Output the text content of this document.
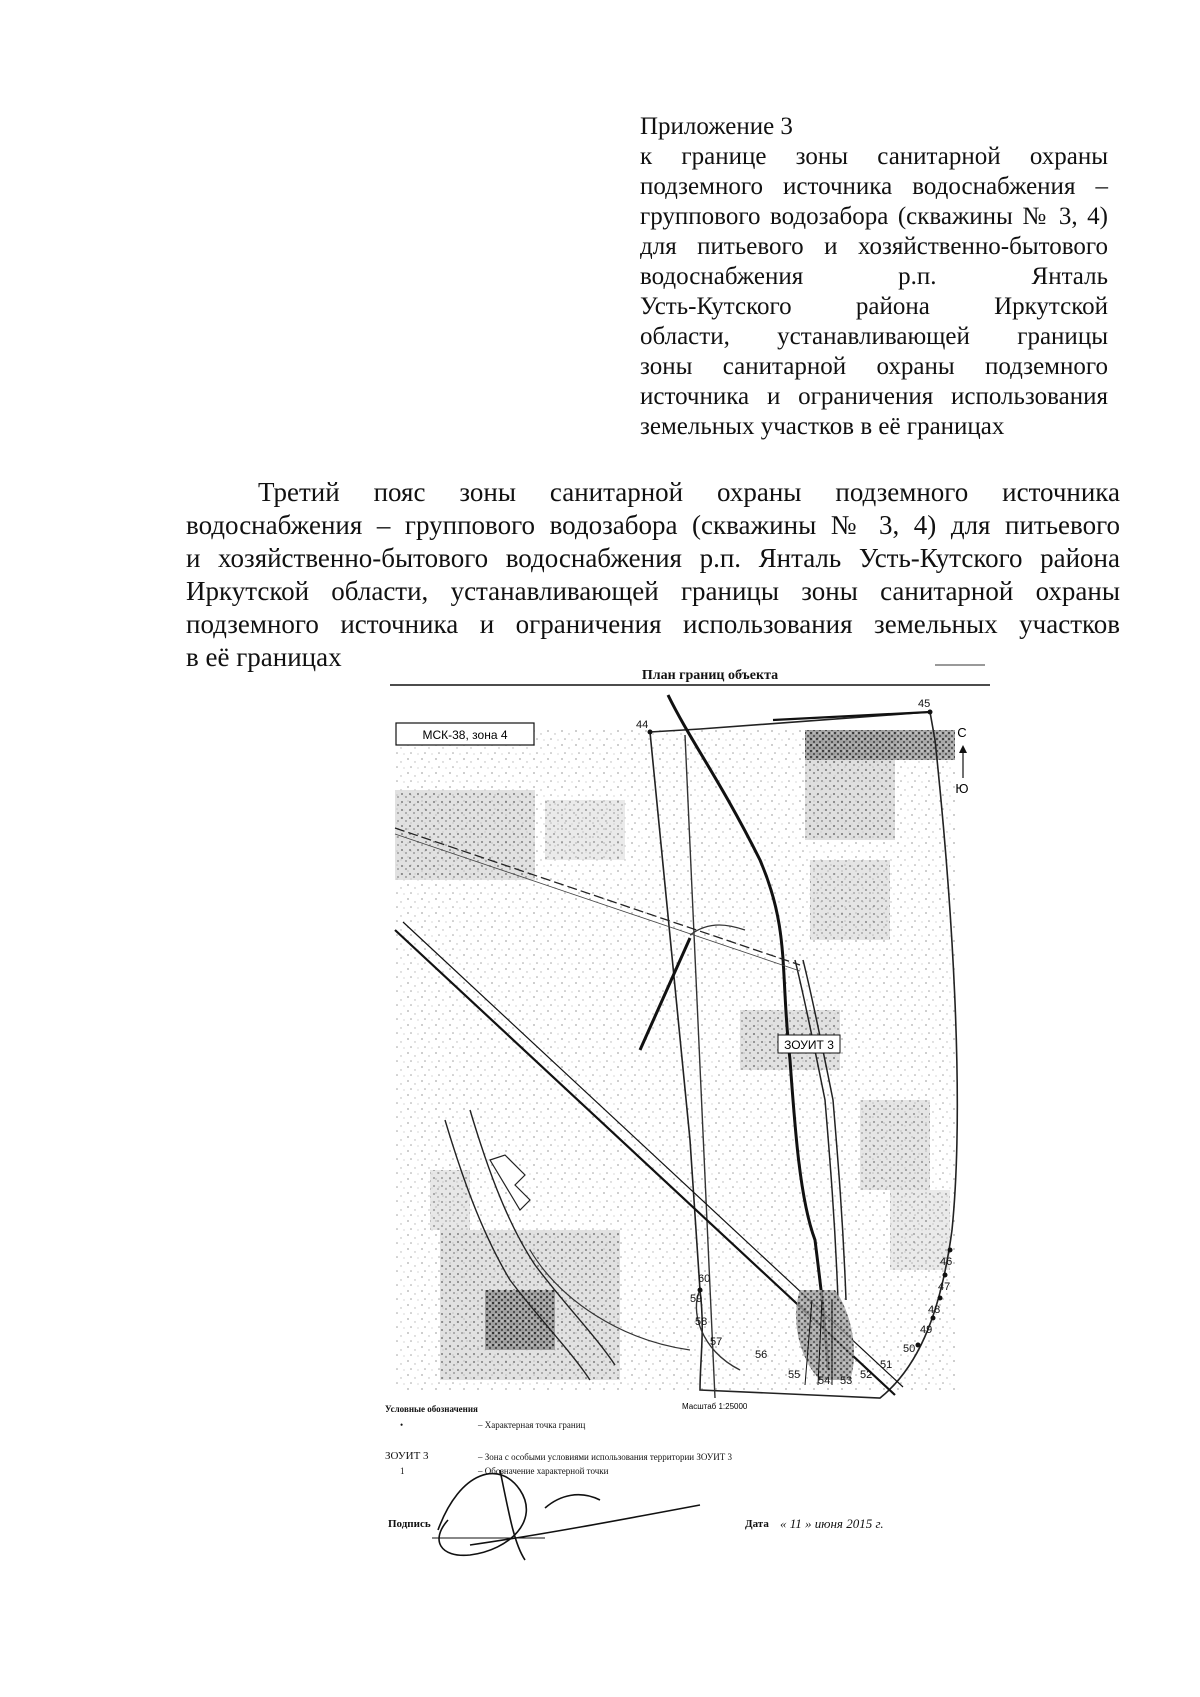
Приложение 3
к границе зоны санитарной охраны
подземного источника водоснабжения –
группового водозабора (скважины № 3, 4)
для питьевого и хозяйственно-бытового
водоснабжения р.п. Янталь
Усть-Кутского района Иркутской
области, устанавливающей границы
зоны санитарной охраны подземного
источника и ограничения использования
земельных участков в её границах
Третий пояс зоны санитарной охраны подземного источника
водоснабжения – группового водозабора (скважины № 3, 4) для питьевого
и хозяйственно-бытового водоснабжения р.п. Янталь Усть-Кутского района
Иркутской области, устанавливающей границы зоны санитарной охраны
подземного источника и ограничения использования земельных участков
в её границах
План границ объекта
С
Ю
МСК-38, зона 4
ЗОУИТ 3
44
45
46
47
48
49
50
51
52
53
54
55
56
57
58
59
60
Масштаб 1:25000
Условные обозначения
•	– Характерная точка границ
ЗОУИТ 3	– Зона с особыми условиями использования территории ЗОУИТ 3
1	– Обозначение характерной точки
Подпись	Дата « 11 » июня 2015 г.
